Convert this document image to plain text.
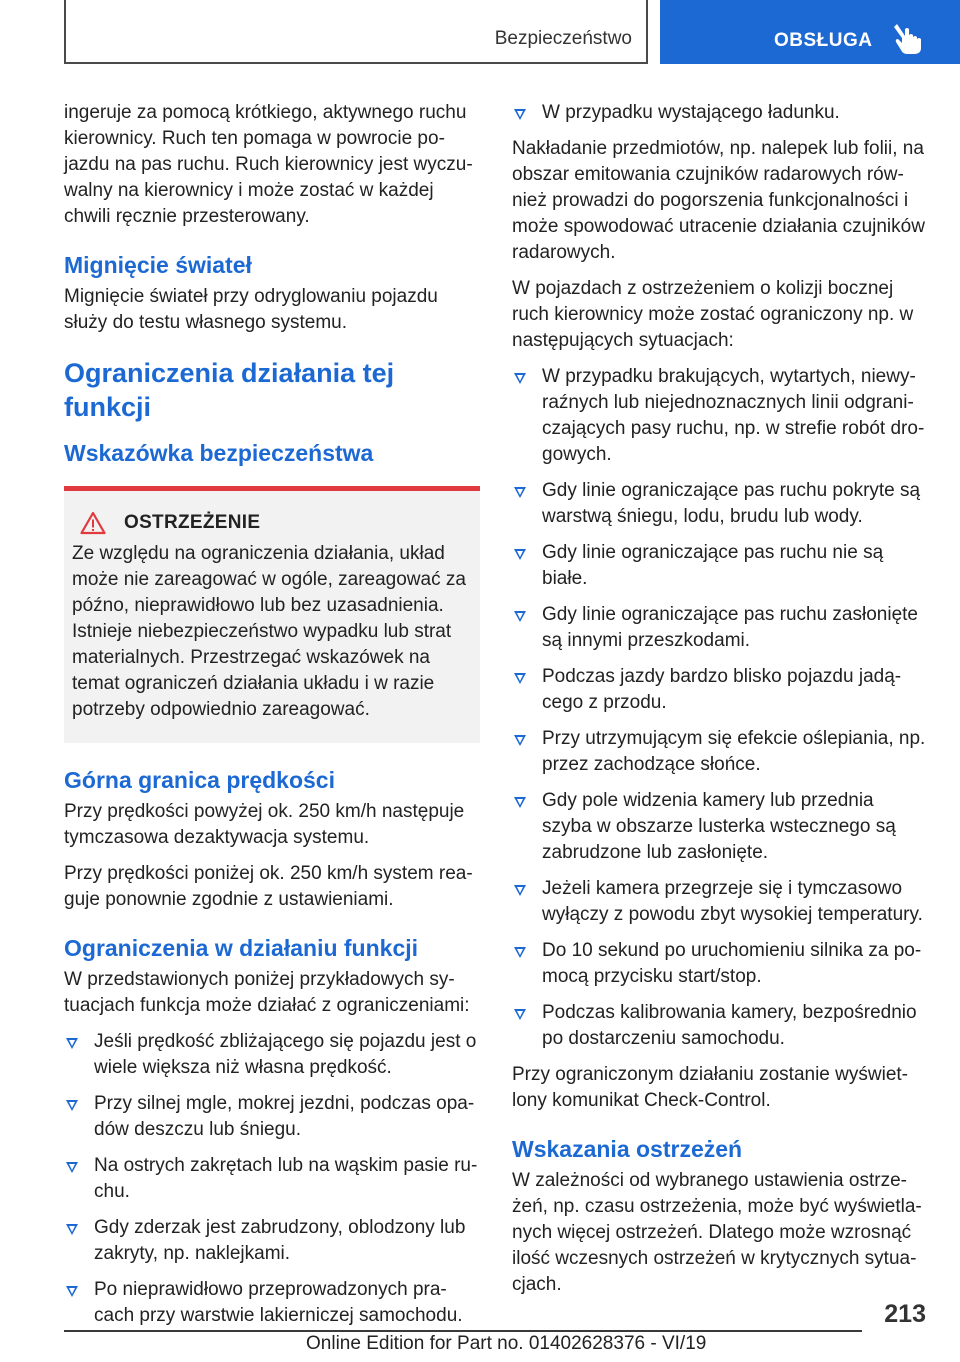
Bezpieczeństwo	OBSŁUGA

ingeruje za pomocą krótkiego, aktywnego ruchu kierownicy. Ruch ten pomaga w powrocie pojazdu na pas ruchu. Ruch kierownicy jest wyczuwalny na kierownicy i może zostać w każdej chwili ręcznie przesterowany.

Mignięcie świateł

Mignięcie świateł przy odryglowaniu pojazdu służy do testu własnego systemu.

Ograniczenia działania tej funkcji
Wskazówka bezpieczeństwa
OSTRZEŻENIE

Ze względu na ograniczenia działania, układ może nie zareagować w ogóle, zareagować za późno, nieprawidłowo lub bez uzasadnienia. Istnieje niebezpieczeństwo wypadku lub strat materialnych. Przestrzegać wskazówek na temat ograniczeń działania układu i w razie potrzeby odpowiednio zareagować.

Górna granica prędkości

Przy prędkości powyżej ok. 250 km/h następuje tymczasowa dezaktywacja systemu.

Przy prędkości poniżej ok. 250 km/h system reaguje ponownie zgodnie z ustawieniami.

Ograniczenia w działaniu funkcji

W przedstawionych poniżej przykładowych sytuacjach funkcja może działać z ograniczeniami:

Jeśli prędkość zbliżającego się pojazdu jest o wiele większa niż własna prędkość.
Przy silnej mgle, mokrej jezdni, podczas opadów deszczu lub śniegu.
Na ostrych zakrętach lub na wąskim pasie ruchu.
Gdy zderzak jest zabrudzony, oblodzony lub zakryty, np. naklejkami.
Po nieprawidłowo przeprowadzonych pracach przy warstwie lakierniczej samochodu.
W przypadku wystającego ładunku.

Nakładanie przedmiotów, np. nalepek lub folii, na obszar emitowania czujników radarowych również prowadzi do pogorszenia funkcjonalności i może spowodować utracenie działania czujników radarowych.

W pojazdach z ostrzeżeniem o kolizji bocznej ruch kierownicy może zostać ograniczony np. w następujących sytuacjach:

W przypadku brakujących, wytartych, niewyraźnych lub niejednoznacznych linii odgraniczających pasy ruchu, np. w strefie robót drogowych.
Gdy linie ograniczające pas ruchu pokryte są warstwą śniegu, lodu, brudu lub wody.
Gdy linie ograniczające pas ruchu nie są białe.
Gdy linie ograniczające pas ruchu zasłonięte są innymi przeszkodami.
Podczas jazdy bardzo blisko pojazdu jadącego z przodu.
Przy utrzymującym się efekcie oślepiania, np. przez zachodzące słońce.
Gdy pole widzenia kamery lub przednia szyba w obszarze lusterka wstecznego są zabrudzone lub zasłonięte.
Jeżeli kamera przegrzeje się i tymczasowo wyłączy z powodu zbyt wysokiej temperatury.
Do 10 sekund po uruchomieniu silnika za pomocą przycisku start/stop.
Podczas kalibrowania kamery, bezpośrednio po dostarczeniu samochodu.

Przy ograniczonym działaniu zostanie wyświetlony komunikat Check-Control.

Wskazania ostrzeżeń

W zależności od wybranego ustawienia ostrzeżeń, np. czasu ostrzeżenia, może być wyświetlanych więcej ostrzeżeń. Dlatego może wzrosnąć ilość wczesnych ostrzeżeń w krytycznych sytuacjach.

213
Online Edition for Part no. 01402628376 - VI/19
